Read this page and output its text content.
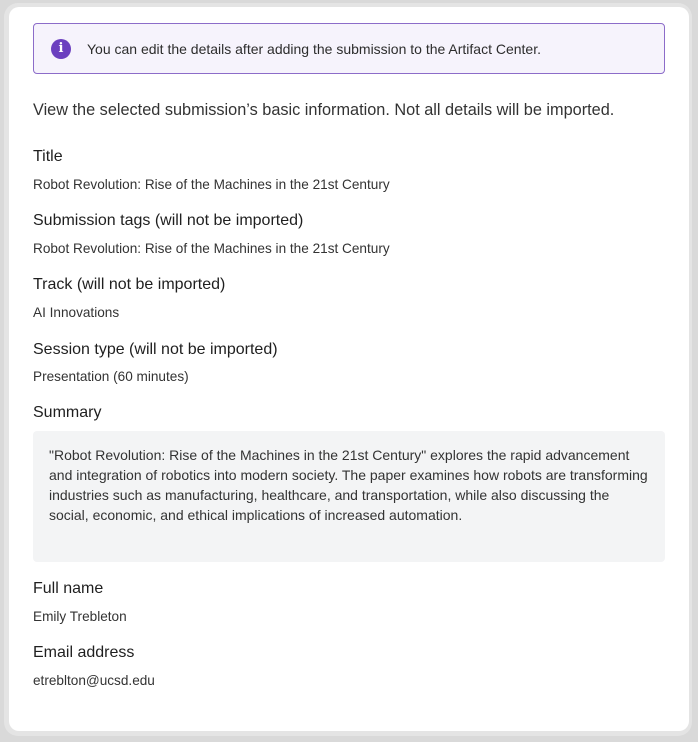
i	You can edit the details after adding the submission to the Artifact Center.
View the selected submission’s basic information. Not all details will be imported.
Title
Robot Revolution: Rise of the Machines in the 21st Century
Submission tags (will not be imported)
Robot Revolution: Rise of the Machines in the 21st Century
Track (will not be imported)
AI Innovations
Session type (will not be imported)
Presentation (60 minutes)
Summary
"Robot Revolution: Rise of the Machines in the 21st Century" explores the rapid advancement and integration of robotics into modern society. The paper examines how robots are transforming industries such as manufacturing, healthcare, and transportation, while also discussing the social, economic, and ethical implications of increased automation.
Full name
Emily Trebleton
Email address
etreblton@ucsd.edu
